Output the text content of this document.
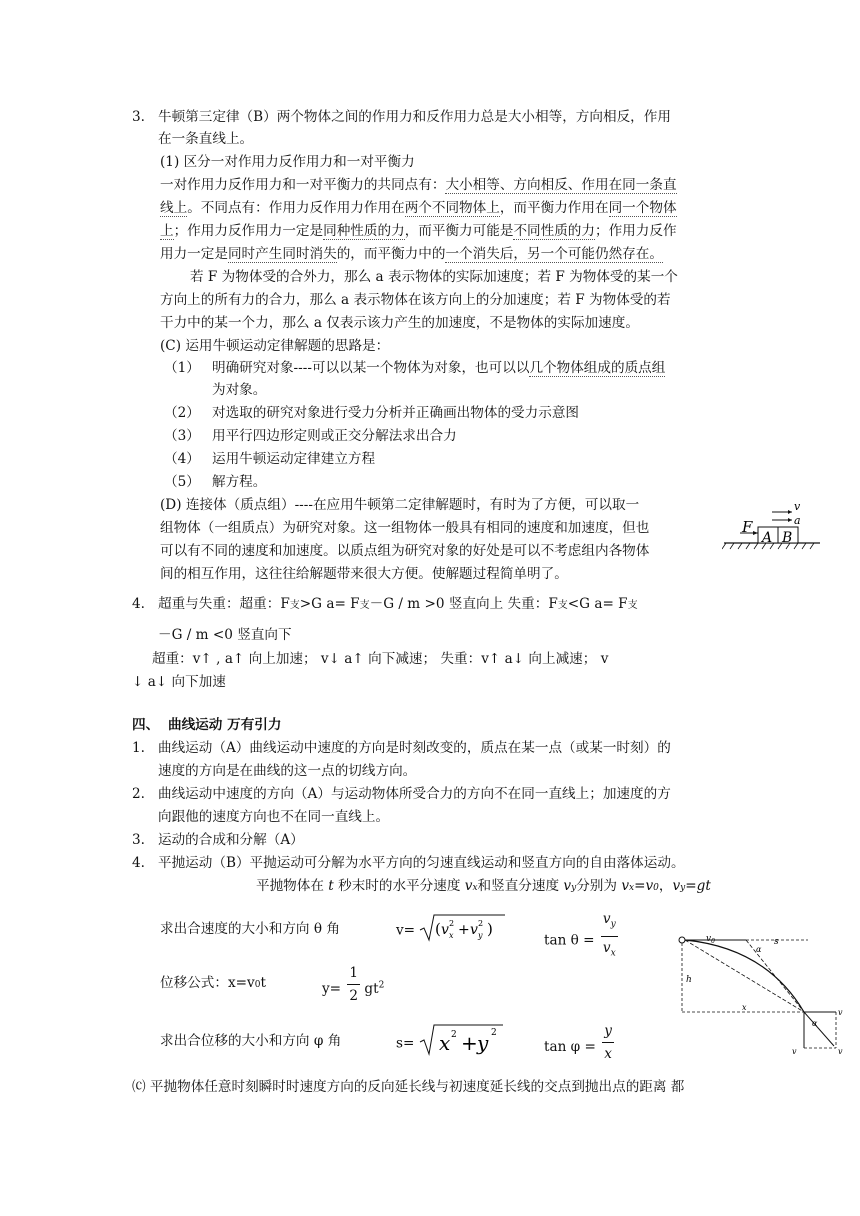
3. 牛顿第三定律（B）两个物体之间的作用力和反作用力总是大小相等，方向相反，作用
在一条直线上。
(1) 区分一对作用力反作用力和一对平衡力
一对作用力反作用力和一对平衡力的共同点有：大小相等、方向相反、作用在同一条直
线上。不同点有：作用力反作用力作用在两个不同物体上，而平衡力作用在同一个物体
上；作用力反作用力一定是同种性质的力，而平衡力可能是不同性质的力；作用力反作
用力一定是同时产生同时消失的，而平衡力中的一个消失后，另一个可能仍然存在。
若 F 为物体受的合外力，那么 a 表示物体的实际加速度；若 F 为物体受的某一个
方向上的所有力的合力，那么 a 表示物体在该方向上的分加速度；若 F 为物体受的若
干力中的某一个力，那么 a 仅表示该力产生的加速度，不是物体的实际加速度。
(C) 运用牛顿运动定律解题的思路是：
（1） 明确研究对象----可以以某一个物体为对象，也可以以几个物体组成的质点组
为对象。
（2） 对选取的研究对象进行受力分析并正确画出物体的受力示意图
（3） 用平行四边形定则或正交分解法求出合力
（4） 运用牛顿运动定律建立方程
（5） 解方程。
(D) 连接体（质点组）----在应用牛顿第二定律解题时，有时为了方便，可以取一
组物体（一组质点）为研究对象。这一组物体一般具有相同的速度和加速度，但也
可以有不同的速度和加速度。以质点组为研究对象的好处是可以不考虑组内各物体
间的相互作用，这往往给解题带来很大方便。使解题过程简单明了。
F
A B
v
a
4. 超重与失重：超重：F支>G a= F支－G / m >0 竖直向上 失重：F支<G a= F支
－G / m <0 竖直向下
超重：v↑ , a↑ 向上加速； v↓ a↑ 向下减速； 失重：v↑ a↓ 向上减速； v
↓ a↓ 向下加速
四、 曲线运动 万有引力
1. 曲线运动（A）曲线运动中速度的方向是时刻改变的，质点在某一点（或某一时刻）的
速度的方向是在曲线的这一点的切线方向。
2. 曲线运动中速度的方向（A）与运动物体所受合力的方向不在同一直线上；加速度的方
向跟他的速度方向也不在同一直线上。
3. 运动的合成和分解（A）
4. 平抛运动（B）平抛运动可分解为水平方向的匀速直线运动和竖直方向的自由落体运动。
平抛物体在 t 秒末时的水平分速度 vx和竖直分速度 vy分别为 vx=v0，vy=gt
求出合速度的大小和方向 θ 角	v= ( v 2
x + v 2
y )
$\tan \theta = \frac{v_y}{v_x}$
位移公式：x=v0t	$y= \frac{1}{2} gt^2$
求出合位移的大小和方向 φ 角	s= x 2 + y 2
$\tan \varphi = \frac{y}{x}$
$v_0$
h
x
s
α
α
v
v	v
⒞ 平抛物体任意时刻瞬时时速度方向的反向延长线与初速度延长线的交点到抛出点的距离 都
